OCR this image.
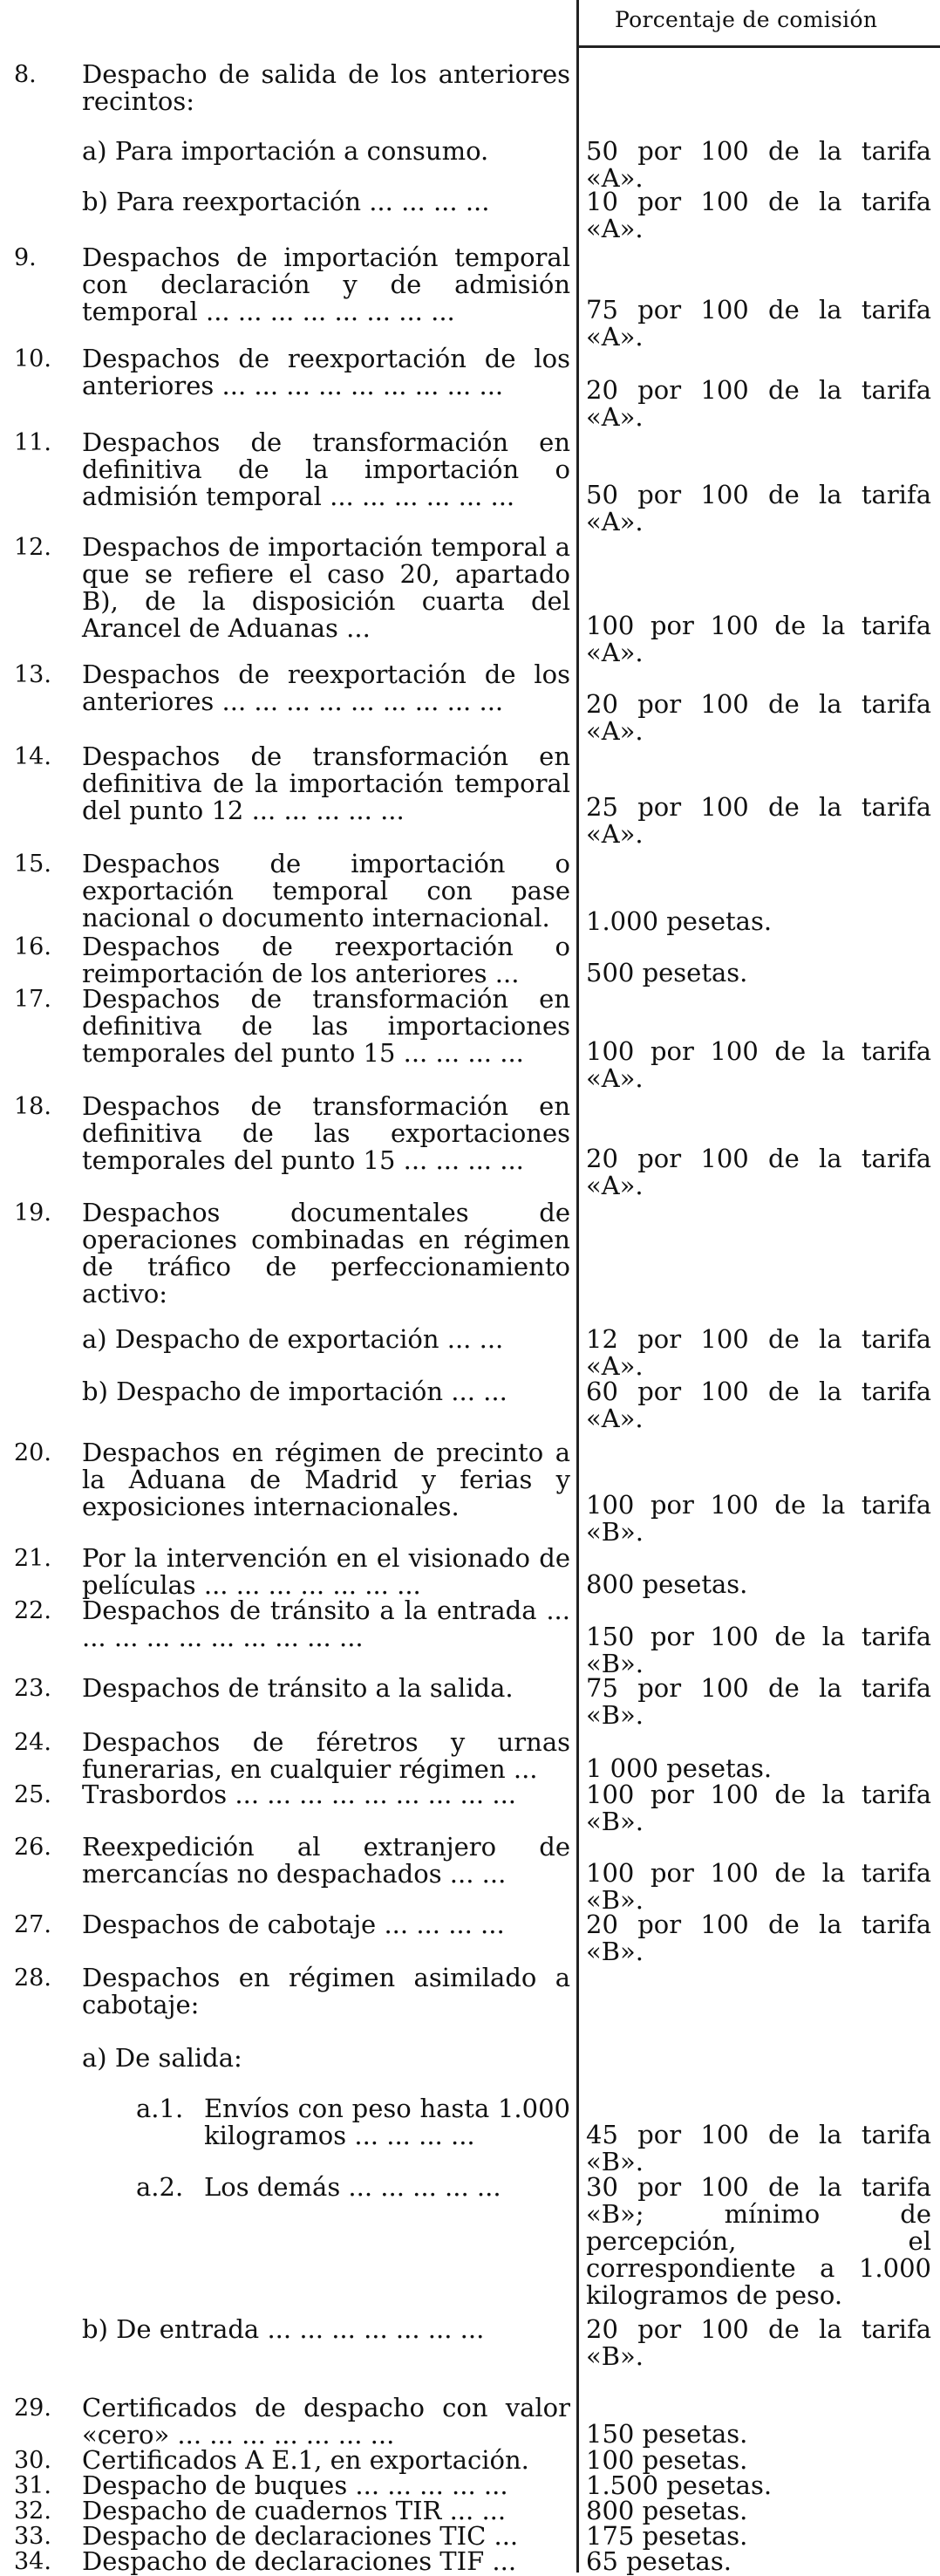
Porcentaje de comisión
8.	Despacho de salida de los anteriores recintos:
a) Para importación a consumo.	50 por 100 de la tarifa «A».
b) Para reexportación ... ... ... ...	10 por 100 de la tarifa «A».
9.	Despachos de importación temporal con declaración y de admisión temporal ... ... ... ... ... ... ... ...	75 por 100 de la tarifa «A».
10.	Despachos de reexportación de los anteriores ... ... ... ... ... ... ... ... ...	20 por 100 de la tarifa «A».
11.	Despachos de transformación en definitiva de la importación o admisión temporal ... ... ... ... ... ...	50 por 100 de la tarifa «A».
12.	Despachos de importación temporal a que se refiere el caso 20, apartado B), de la disposición cuarta del Arancel de Aduanas ...	100 por 100 de la tarifa «A».
13.	Despachos de reexportación de los anteriores ... ... ... ... ... ... ... ... ...	20 por 100 de la tarifa «A».
14.	Despachos de transformación en definitiva de la importación temporal del punto 12 ... ... ... ... ...	25 por 100 de la tarifa «A».
15.	Despachos de importación o exportación temporal con pase nacional o documento internacional.	1.000 pesetas.
16.	Despachos de reexportación o reimportación de los anteriores ...	500 pesetas.
17.	Despachos de transformación en definitiva de las importaciones temporales del punto 15 ... ... ... ...	100 por 100 de la tarifa «A».
18.	Despachos de transformación en definitiva de las exportaciones temporales del punto 15 ... ... ... ...	20 por 100 de la tarifa «A».
19.	Despachos documentales de operaciones combinadas en régimen de tráfico de perfeccionamiento activo:
a) Despacho de exportación ... ...	12 por 100 de la tarifa «A».
b) Despacho de importación ... ...	60 por 100 de la tarifa «A».
20.	Despachos en régimen de precinto a la Aduana de Madrid y ferias y exposiciones internacionales.	100 por 100 de la tarifa «B».
21.	Por la intervención en el visionado de películas ... ... ... ... ... ... ...	800 pesetas.
22.	Despachos de tránsito a la entrada ... ... ... ... ... ... ... ... ... ...	150 por 100 de la tarifa «B».
23.	Despachos de tránsito a la salida.	75 por 100 de la tarifa «B».
24.	Despachos de féretros y urnas funerarias, en cualquier régimen ...	1 000 pesetas.
25.	Trasbordos ... ... ... ... ... ... ... ... ...	100 por 100 de la tarifa «B».
26.	Reexpedición al extranjero de mercancías no despachados ... ...	100 por 100 de la tarifa «B».
27.	Despachos de cabotaje ... ... ... ...	20 por 100 de la tarifa «B».
28.	Despachos en régimen asimilado a cabotaje:
a) De salida:
a.1. Envíos con peso hasta 1.000 kilogramos ... ... ... ...	45 por 100 de la tarifa «B».
a.2. Los demás ... ... ... ... ...	30 por 100 de la tarifa «B»; mínimo de percepción, el correspondiente a 1.000 kilogramos de peso.
b) De entrada ... ... ... ... ... ... ...	20 por 100 de la tarifa «B».
29.	Certificados de despacho con valor «cero» ... ... ... ... ... ... ...	150 pesetas.
30.	Certificados A E.1, en exportación.	100 pesetas.
31.	Despacho de buques ... ... ... ... ...	1.500 pesetas.
32.	Despacho de cuadernos TIR ... ...	800 pesetas.
33.	Despacho de declaraciones TIC ...	175 pesetas.
34.	Despacho de declaraciones TIF ...	65 pesetas.
